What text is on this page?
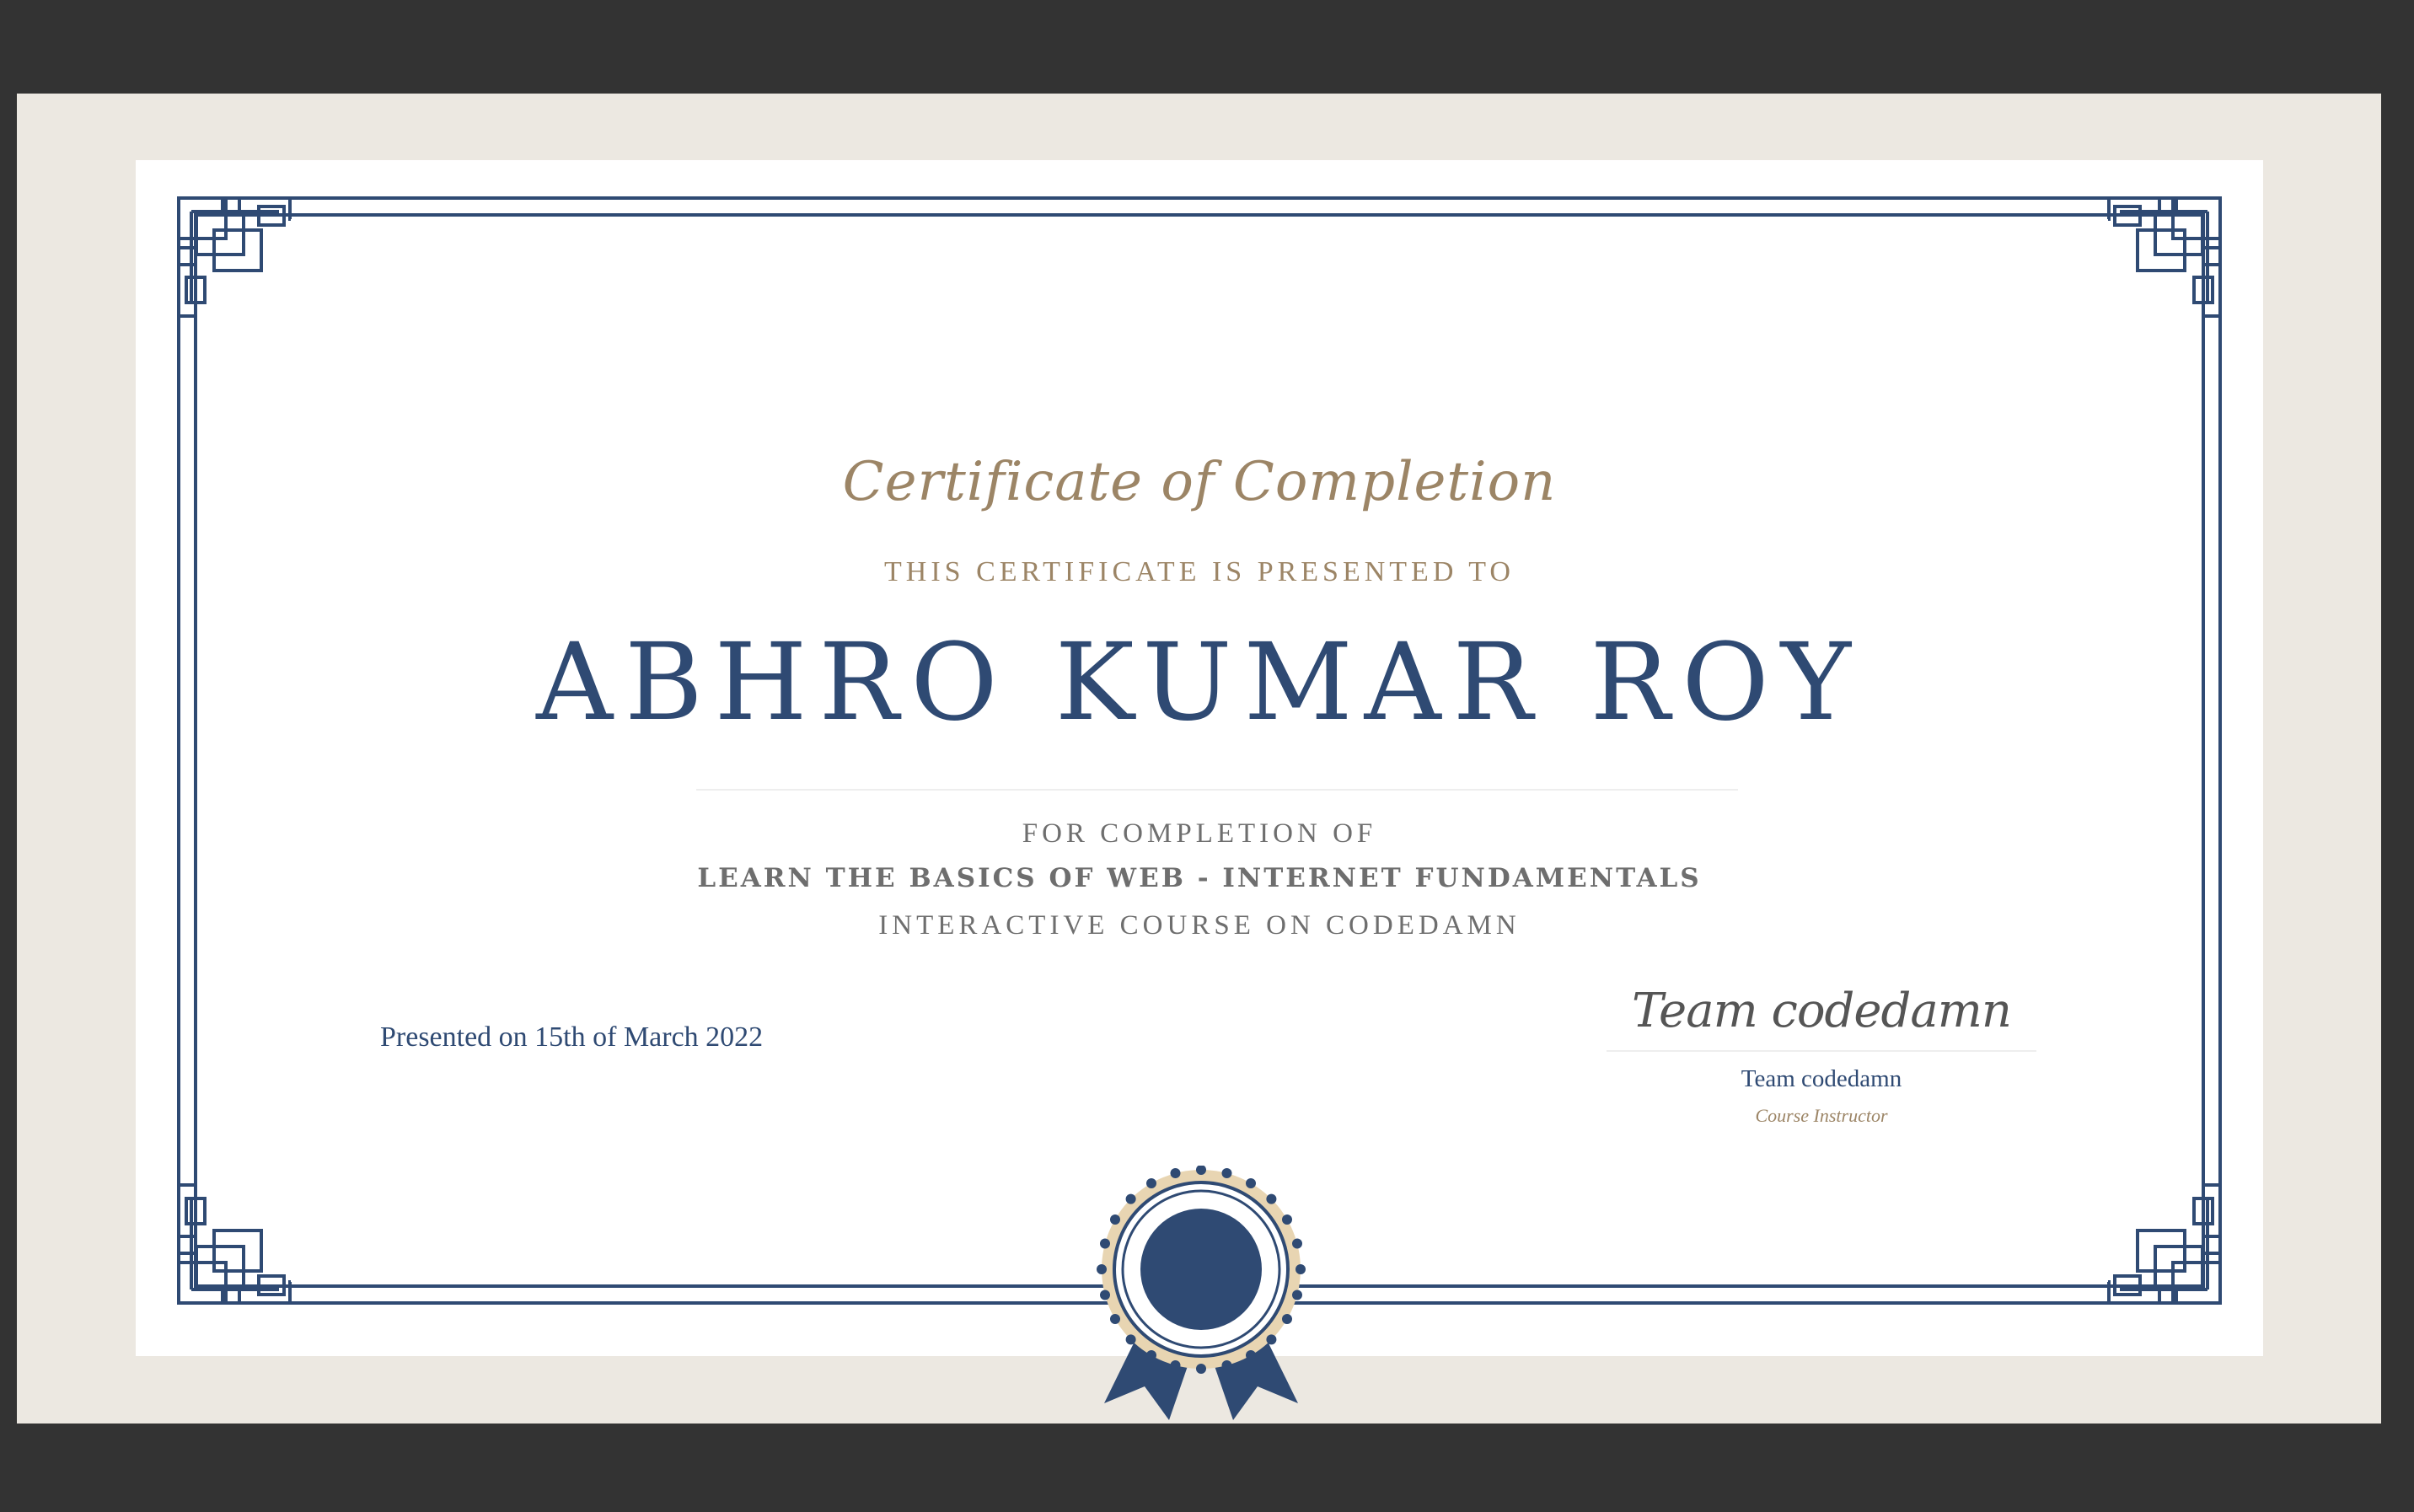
Certificate of Completion
THIS CERTIFICATE IS PRESENTED TO
ABHRO KUMAR ROY
FOR COMPLETION OF
LEARN THE BASICS OF WEB - INTERNET FUNDAMENTALS
INTERACTIVE COURSE ON CODEDAMN
Presented on 15th of March 2022	Team codedamn
Team codedamn
Course Instructor
